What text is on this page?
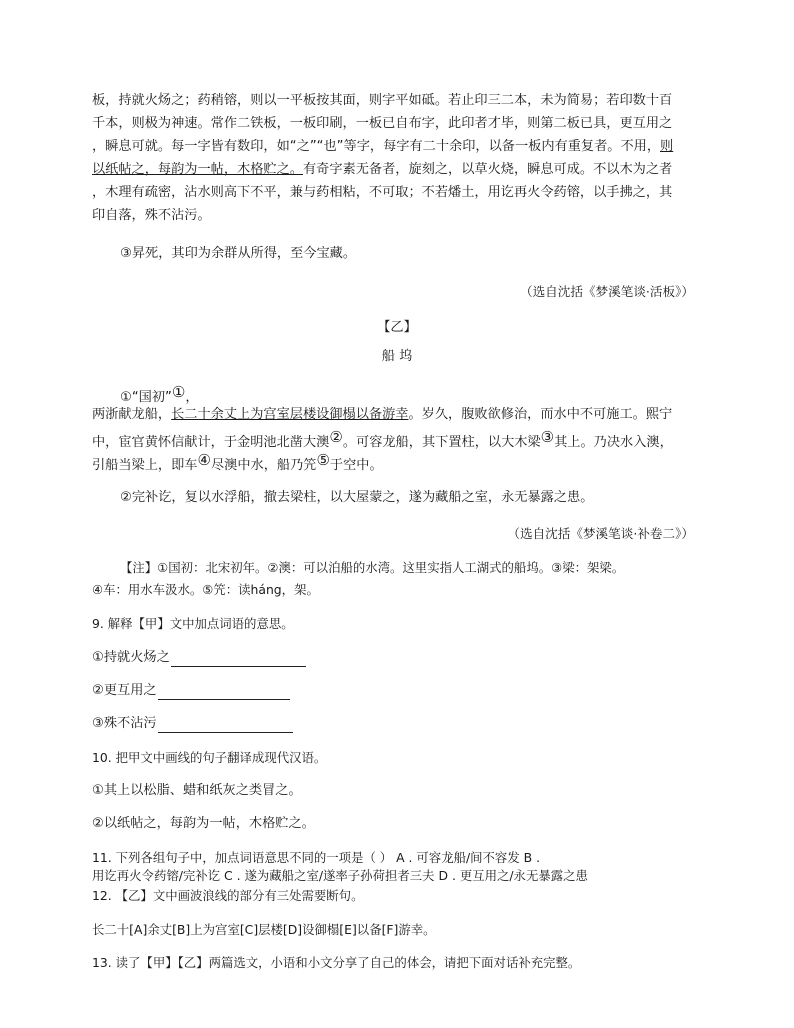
板，持就火炀之；药稍镕，则以一平板按其面，则字平如砥。若止印三二本，未为简易；若印数十百
千本，则极为神速。常作二铁板，一板印刷，一板已自布字，此印者才毕，则第二板已具，更互用之
，瞬息可就。每一字皆有数印，如“之”“也”等字，每字有二十余印，以备一板内有重复者。不用，则
以纸帖之，每韵为一帖，木格贮之。有奇字素无备者，旋刻之，以草火烧，瞬息可成。不以木为之者
，木理有疏密，沾水则高下不平，兼与药相粘，不可取；不若燔土，用讫再火令药镕，以手拂之，其
印自落，殊不沾污。
③昇死，其印为余群从所得，至今宝藏。
（选自沈括《梦溪笔谈·活板》）
【乙】
船 坞
①“国初”①，
两浙献龙船，长二十余丈上为宫室层楼设御榻以备游幸。岁久，腹败欲修治，而水中不可施工。熙宁
中，宦官黄怀信献计，于金明池北凿大澳②。可容龙船，其下置柱，以大木梁③其上。乃决水入澳，
引船当梁上，即车④尽澳中水，船乃笐⑤于空中。
②完补讫，复以水浮船，撤去梁柱，以大屋蒙之，遂为藏船之室，永无暴露之患。
（选自沈括《梦溪笔谈·补卷二》）
【注】①国初：北宋初年。②澳：可以泊船的水湾。这里实指人工湖式的船坞。③梁：架梁。
④车：用水车汲水。⑤笐：读háng，架。
9. 解释【甲】文中加点词语的意思。
①持就火炀之
②更互用之
③殊不沾污
10. 把甲文中画线的句子翻译成现代汉语。
①其上以松脂、蜡和纸灰之类冒之。
②以纸帖之，每韵为一帖，木格贮之。
11. 下列各组句子中，加点词语意思不同的一项是（ ） A . 可容龙船/间不容发 B .
用讫再火令药镕/完补讫 C . 遂为藏船之室/遂率子孙荷担者三夫 D . 更互用之/永无暴露之患
12. 【乙】文中画波浪线的部分有三处需要断句。
长二十[A]余丈[B]上为宫室[C]层楼[D]设御榻[E]以备[F]游幸。
13. 读了【甲】【乙】两篇选文，小语和小文分享了自己的体会，请把下面对话补充完整。
